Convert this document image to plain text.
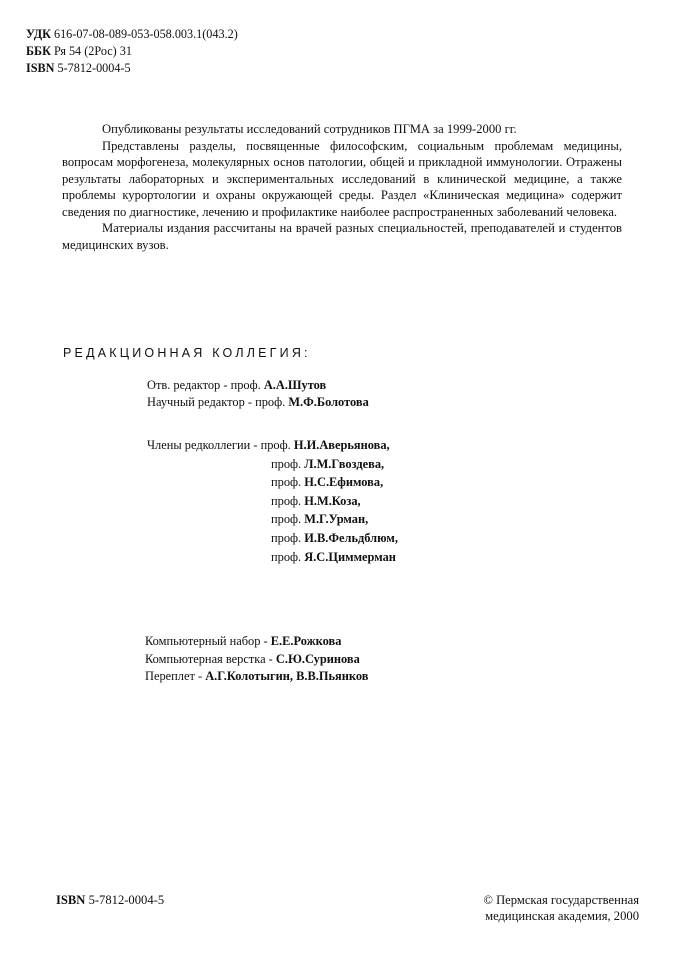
УДК 616-07-08-089-053-058.003.1(043.2)
ББК Ря 54 (2Рос) 31
ISBN 5-7812-0004-5

Опубликованы результаты исследований сотрудников ПГМА за 1999-2000 гг.

Представлены разделы, посвященные философским, социальным проблемам медицины, вопросам морфогенеза, молекулярных основ патологии, общей и прикладной иммунологии. Отражены результаты лабораторных и экспериментальных исследований в клинической медицине, а также проблемы курортологии и охраны окружающей среды. Раздел «Клиническая медицина» содержит сведения по диагностике, лечению и профилактике наиболее распространенных заболеваний человека.

Материалы издания рассчитаны на врачей разных специальностей, преподавателей и студентов медицинских вузов.

РЕДАКЦИОННАЯ КОЛЛЕГИЯ:
Отв. редактор - проф. А.А.Шутов
Научный редактор - проф. М.Ф.Болотова
Члены редколлегии - проф. Н.И.Аверьянова,
проф. Л.М.Гвоздева,
проф. Н.С.Ефимова,
проф. Н.М.Коза,
проф. М.Г.Урман,
проф. И.В.Фельдблюм,
проф. Я.С.Циммерман
Компьютерный набор - Е.Е.Рожкова
Компьютерная верстка - С.Ю.Суринова
Переплет - А.Г.Колотыгин, В.В.Пьянков
ISBN 5-7812-0004-5	© Пермская государственная
медицинская академия, 2000
